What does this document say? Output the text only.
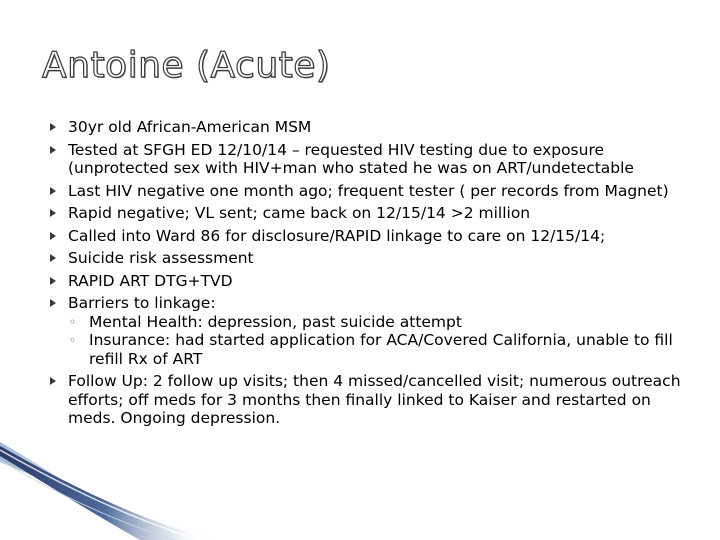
Antoine (Acute)
30yr old African-American MSM
Tested at SFGH ED 12/10/14 – requested HIV testing due to exposure (unprotected sex with HIV+man who stated he was on ART/undetectable
Last HIV negative one month ago; frequent tester ( per records from Magnet)
Rapid negative; VL sent; came back on 12/15/14 >2 million
Called into Ward 86 for disclosure/RAPID linkage to care on 12/15/14;
Suicide risk assessment
RAPID ART DTG+TVD
Barriers to linkage:
◦ Mental Health: depression, past suicide attempt
◦ Insurance: had started application for ACA/Covered California, unable to fill refill Rx of ART
Follow Up: 2 follow up visits; then 4 missed/cancelled visit; numerous outreach efforts; off meds for 3 months then finally linked to Kaiser and restarted on meds. Ongoing depression.
